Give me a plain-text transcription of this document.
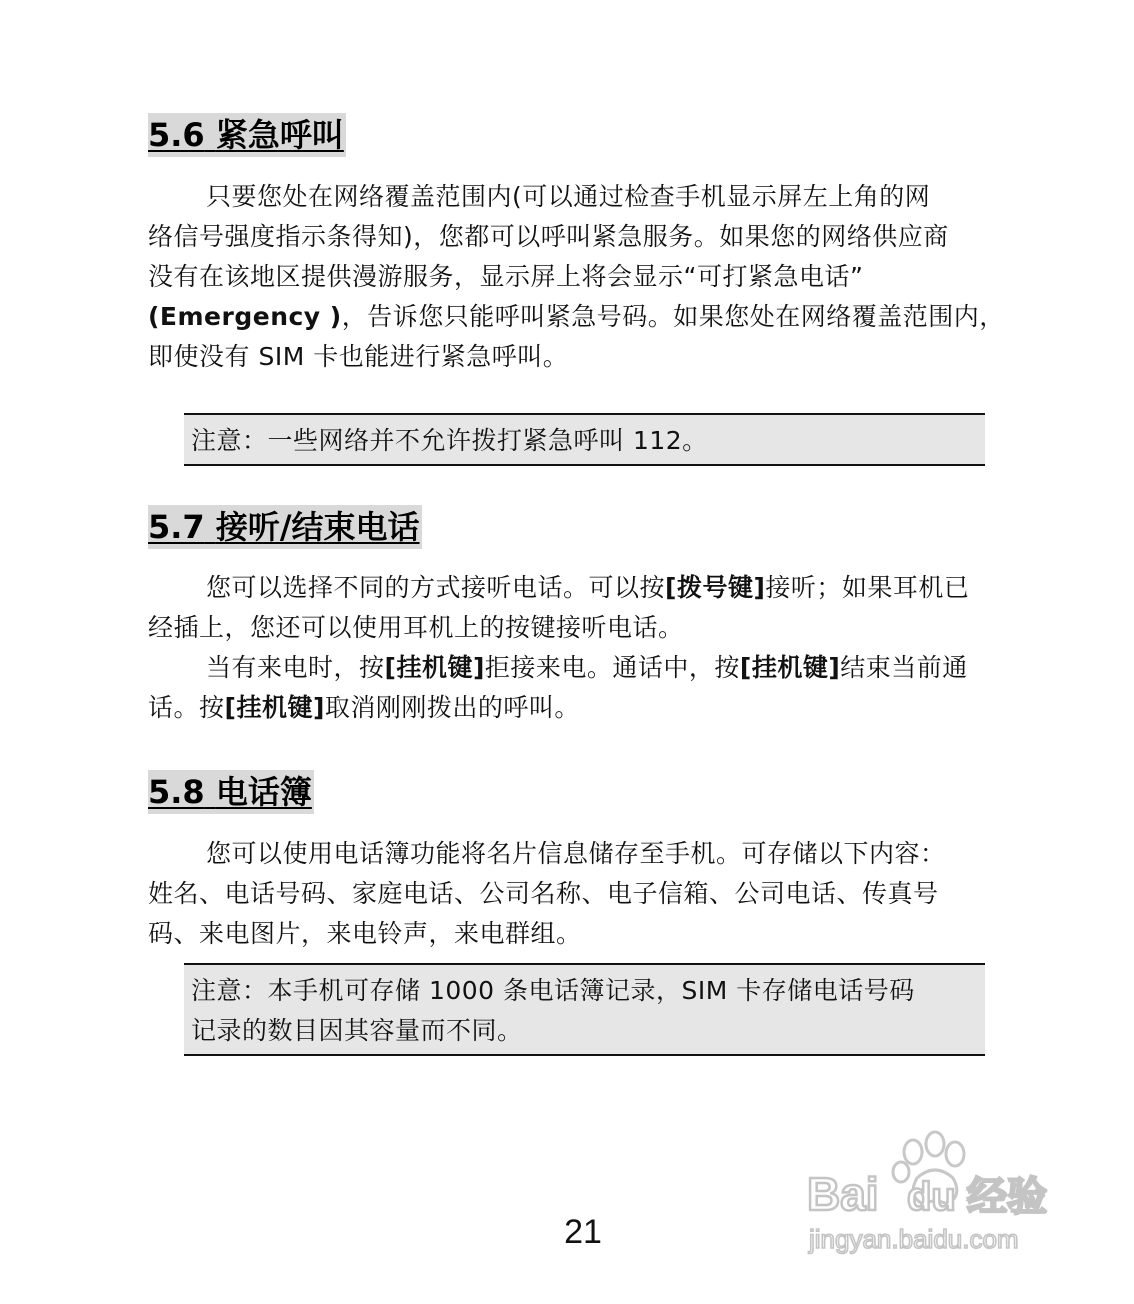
5.6 紧急呼叫
只要您处在网络覆盖范围内(可以通过检查手机显示屏左上角的网
络信号强度指示条得知)，您都可以呼叫紧急服务。如果您的网络供应商
没有在该地区提供漫游服务，显示屏上将会显示“可打紧急电话”
(Emergency )，告诉您只能呼叫紧急号码。如果您处在网络覆盖范围内，
即使没有 SIM 卡也能进行紧急呼叫。
注意：一些网络并不允许拨打紧急呼叫 112。
5.7 接听/结束电话
您可以选择不同的方式接听电话。可以按[拨号键]接听；如果耳机已
经插上，您还可以使用耳机上的按键接听电话。
当有来电时，按[挂机键]拒接来电。通话中，按[挂机键]结束当前通
话。按[挂机键]取消刚刚拨出的呼叫。
5.8 电话簿
您可以使用电话簿功能将名片信息储存至手机。可存储以下内容：
姓名、电话号码、家庭电话、公司名称、电子信箱、公司电话、传真号
码、来电图片，来电铃声，来电群组。
注意：本手机可存储 1000 条电话簿记录，SIM 卡存储电话号码
记录的数目因其容量而不同。
21
Bai du 经验
jingyan.baidu.com
